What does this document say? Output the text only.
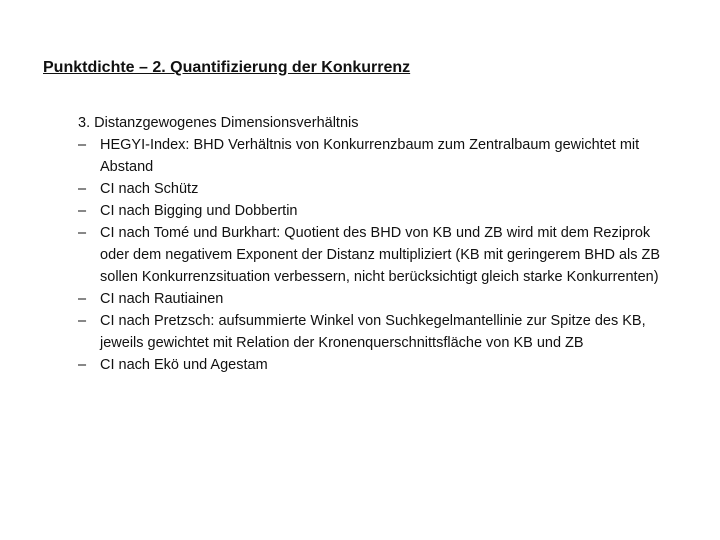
Punktdichte – 2. Quantifizierung der Konkurrenz

3. Distanzgewogenes Dimensionsverhältnis

– HEGYI-Index: BHD Verhältnis von Konkurrenzbaum zum Zentralbaum gewichtet mit Abstand
– CI nach Schütz
– CI nach Bigging und Dobbertin
– CI nach Tomé und Burkhart: Quotient des BHD von KB und ZB wird mit dem Reziprok oder dem negativem Exponent der Distanz multipliziert (KB mit geringerem BHD als ZB sollen Konkurrenzsituation verbessern, nicht berücksichtigt gleich starke Konkurrenten)
– CI nach Rautiainen
– CI nach Pretzsch: aufsummierte Winkel von Suchkegelmantellinie zur Spitze des KB, jeweils gewichtet mit Relation der Kronenquerschnittsfläche von KB und ZB
– CI nach Ekö und Agestam
